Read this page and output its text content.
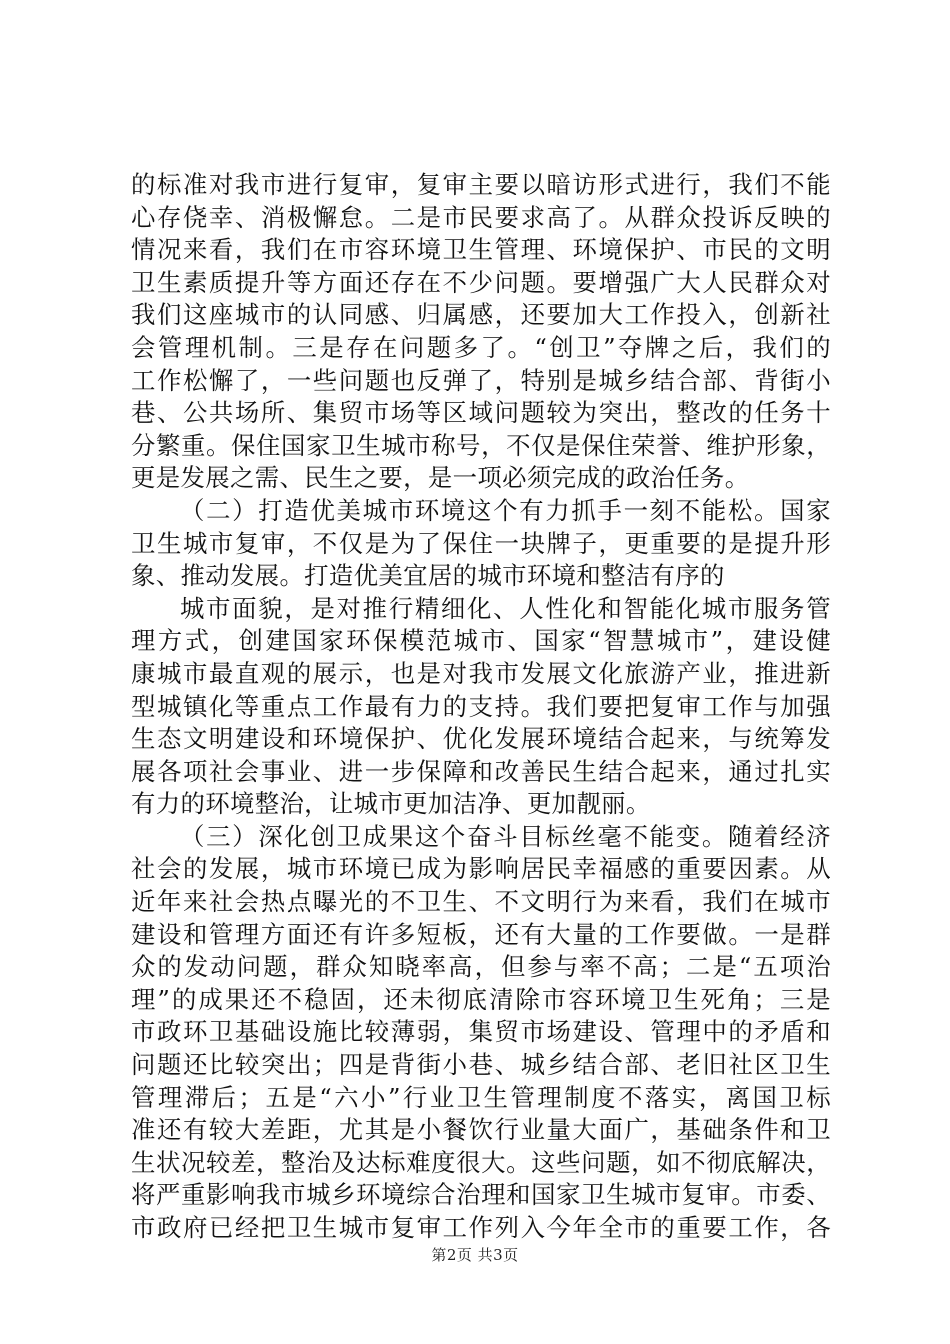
的标准对我市进行复审，复审主要以暗访形式进行，我们不能
心存侥幸、消极懈怠。二是市民要求高了。从群众投诉反映的
情况来看，我们在市容环境卫生管理、环境保护、市民的文明
卫生素质提升等方面还存在不少问题。要增强广大人民群众对
我们这座城市的认同感、归属感，还要加大工作投入，创新社
会管理机制。三是存在问题多了。“创卫”夺牌之后，我们的
工作松懈了，一些问题也反弹了，特别是城乡结合部、背街小
巷、公共场所、集贸市场等区域问题较为突出，整改的任务十
分繁重。保住国家卫生城市称号，不仅是保住荣誉、维护形象，
更是发展之需、民生之要，是一项必须完成的政治任务。
（二）打造优美城市环境这个有力抓手一刻不能松。国家
卫生城市复审，不仅是为了保住一块牌子，更重要的是提升形
象、推动发展。打造优美宜居的城市环境和整洁有序的
城市面貌，是对推行精细化、人性化和智能化城市服务管
理方式，创建国家环保模范城市、国家“智慧城市”，建设健
康城市最直观的展示，也是对我市发展文化旅游产业，推进新
型城镇化等重点工作最有力的支持。我们要把复审工作与加强
生态文明建设和环境保护、优化发展环境结合起来，与统筹发
展各项社会事业、进一步保障和改善民生结合起来，通过扎实
有力的环境整治，让城市更加洁净、更加靓丽。
（三）深化创卫成果这个奋斗目标丝毫不能变。随着经济
社会的发展，城市环境已成为影响居民幸福感的重要因素。从
近年来社会热点曝光的不卫生、不文明行为来看，我们在城市
建设和管理方面还有许多短板，还有大量的工作要做。一是群
众的发动问题，群众知晓率高，但参与率不高；二是“五项治
理”的成果还不稳固，还未彻底清除市容环境卫生死角；三是
市政环卫基础设施比较薄弱，集贸市场建设、管理中的矛盾和
问题还比较突出；四是背街小巷、城乡结合部、老旧社区卫生
管理滞后；五是“六小”行业卫生管理制度不落实，离国卫标
准还有较大差距，尤其是小餐饮行业量大面广，基础条件和卫
生状况较差，整治及达标难度很大。这些问题，如不彻底解决，
将严重影响我市城乡环境综合治理和国家卫生城市复审。市委、
市政府已经把卫生城市复审工作列入今年全市的重要工作，各
第2页 共3页
